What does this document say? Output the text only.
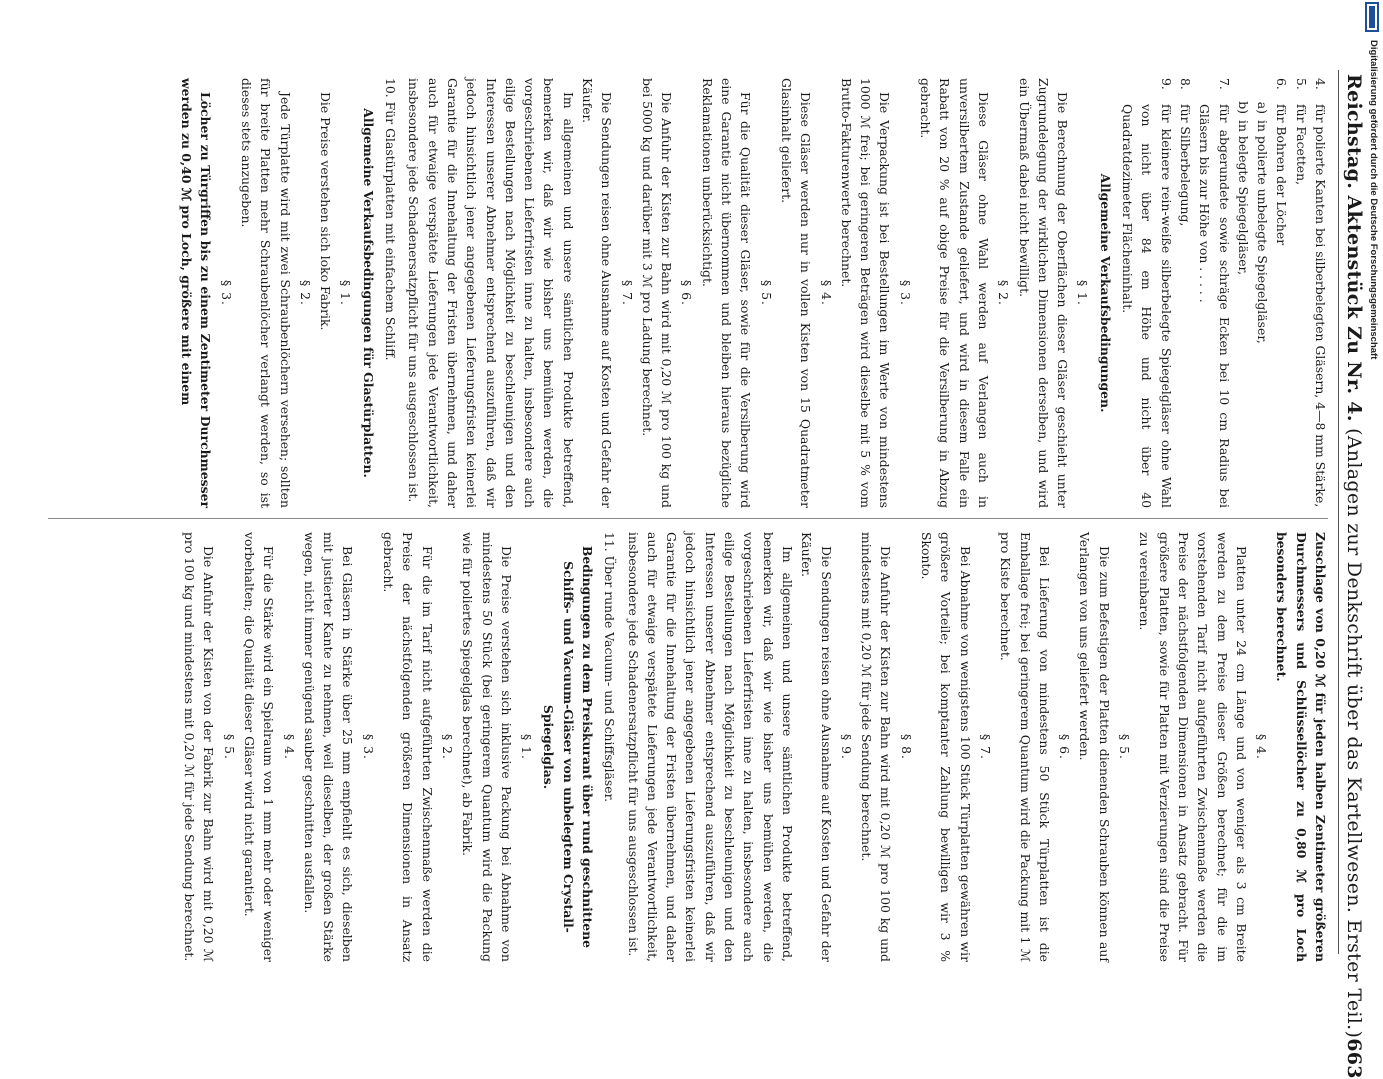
Reichstag. Aktenstück Zu Nr. 4. (Anlagen zur Denkschrift über das Kartellwesen. Erster Teil.)
663
4.
für polierte Kanten bei silberbelegten Gläsern, 4—8 mm Stärke,
5.
für Facetten,
6.
für Bohren der Löcher
a)
in polierte unbelegte Spiegelgläser,
b)
in belegte Spiegelgläser,
7.
für abgerundete sowie schräge Ecken bei 10 cm Radius bei Gläsern bis zur Höhe von . . . . .
8.
für Silberbelegung,
9.
für kleinere rein-weiße silberbelegte Spiegelgläser ohne Wahl von nicht über 84 em Höhe und nicht über 40 Quadratdezimeter Flächeninhalt.
Allgemeine Verkaufsbedingungen.
§ 1.

Die Berechnung der Oberflächen dieser Gläser geschieht unter Zugrundelegung der wirklichen Dimensionen derselben, und wird ein Übermaß dabei nicht bewilligt.

§ 2.

Diese Gläser ohne Wahl werden auf Verlangen auch in unversilbertem Zustande geliefert, und wird in diesem Falle ein Rabatt von 20 % auf obige Preise für die Versilberung in Abzug gebracht.

§ 3.

Die Verpackung ist bei Bestellungen im Werte von mindestens 1000 ℳ frei; bei geringeren Beträgen wird dieselbe mit 5 % vom Brutto-Fakturenwerte berechnet.

§ 4.

Diese Gläser werden nur in vollen Kisten von 15 Quadratmeter Glasinhalt geliefert.

§ 5.

Für die Qualität dieser Gläser, sowie für die Versilberung wird eine Garantie nicht übernommen und bleiben hieraus bezügliche Reklamationen unberücksichtigt.

§ 6.

Die Anfuhr der Kisten zur Bahn wird mit 0,20 ℳ pro 100 kg und bei 5000 kg und darüber mit 3 ℳ pro Ladung berechnet.

§ 7.

Die Sendungen reisen ohne Ausnahme auf Kosten und Gefahr der Käufer.

Im allgemeinen und unsere sämtlichen Produkte betreffend, bemerken wir, daß wir wie bisher uns bemühen werden, die vorgeschriebenen Lieferfristen inne zu halten, insbesondere auch eilige Bestellungen nach Möglichkeit zu beschleunigen und den Interessen unserer Abnehmer entsprechend auszuführen, daß wir jedoch hinsichtlich jener angegebenen Lieferungsfristen keinerlei Garantie für die Innehaltung der Fristen übernehmen, und daher auch für etwaige verspätete Lieferungen jede Verantwortlichkeit, insbesondere jede Schadenersatzpflicht für uns ausgeschlossen ist.

10. Für Glastürplatten mit einfachem Schliff.

Allgemeine Verkaufsbedingungen für Glastürplatten.
§ 1.

Die Preise verstehen sich loko Fabrik.

§ 2.

Jede Türplatte wird mit zwei Schraubenlöchern versehen; sollten für breite Platten mehr Schraubenlöcher verlangt werden, so ist dieses stets anzugeben.

§ 3.

Löcher zu Türgriffen bis zu einem Zentimeter Durchmesser werden zu 0,40 ℳ pro Loch, größere mit einem

Zuschlage von 0,20 ℳ für jeden halben Zentimeter größeren Durchmessers und Schlüssellöcher zu 0,80 ℳ pro Loch besonders berechnet.

§ 4.

Platten unter 24 cm Länge und von weniger als 3 cm Breite werden zu dem Preise dieser Größen berechnet; für die im vorstehenden Tarif nicht aufgeführten Zwischenmaße werden die Preise der nächstfolgenden Dimensionen in Ansatz gebracht. Für größere Platten, sowie für Platten mit Verzierungen sind die Preise zu vereinbaren.

§ 5.

Die zum Befestigen der Platten dienenden Schrauben können auf Verlangen von uns geliefert werden.

§ 6.

Bei Lieferung von mindestens 50 Stück Türplatten ist die Emballage frei; bei geringerem Quantum wird die Packung mit 1 ℳ pro Kiste berechnet.

§ 7.

Bei Abnahme von wenigstens 100 Stück Türplatten gewähren wir größere Vorteile; bei komptanter Zahlung bewilligen wir 3 % Skonto.

§ 8.

Die Anfuhr der Kisten zur Bahn wird mit 0,20 ℳ pro 100 kg und mindestens mit 0,20 ℳ für jede Sendung berechnet.

§ 9.

Die Sendungen reisen ohne Ausnahme auf Kosten und Gefahr der Käufer.

Im allgemeinen und unsere sämtlichen Produkte betreffend, bemerken wir, daß wir wie bisher uns bemühen werden, die vorgeschriebenen Lieferfristen inne zu halten, insbesondere auch eilige Bestellungen nach Möglichkeit zu beschleunigen und den Interessen unserer Abnehmer entsprechend auszuführen, daß wir jedoch hinsichtlich jener angegebenen Lieferungsfristen keinerlei Garantie für die Innehaltung der Fristen übernehmen, und daher auch für etwaige verspätete Lieferungen jede Verantwortlichkeit, insbesondere jede Schadenersatzpflicht für uns ausgeschlossen ist.

11. Über runde Vacuum- und Schiffsgläser.

Bedingungen zu dem Preiskurant über rund geschnittene Schiffs- und Vacuum-Gläser von unbelegtem Crystall-Spiegelglas.
§ 1.

Die Preise verstehen sich inklusive Packung bei Abnahme von mindestens 50 Stück (bei geringerem Quantum wird die Packung wie für poliertes Spiegelglas berechnet), ab Fabrik.

§ 2.

Für die im Tarif nicht aufgeführten Zwischenmaße werden die Preise der nächstfolgenden größeren Dimensionen in Ansatz gebracht.

§ 3.

Bei Gläsern in Stärke über 25 mm empfiehlt es sich, dieselben mit justierter Kante zu nehmen, weil dieselben, der großen Stärke wegen, nicht immer genügend sauber geschnitten ausfallen.

§ 4.

Für die Stärke wird ein Spielraum von 1 mm mehr oder weniger vorbehalten; die Qualität dieser Gläser wird nicht garantiert.

§ 5.

Die Anfuhr der Kisten von der Fabrik zur Bahn wird mit 0,20 ℳ pro 100 kg und mindestens mit 0,20 ℳ für jede Sendung berechnet.

Digitalisierung gefördert durch die Deutsche Forschungsgemeinschaft
